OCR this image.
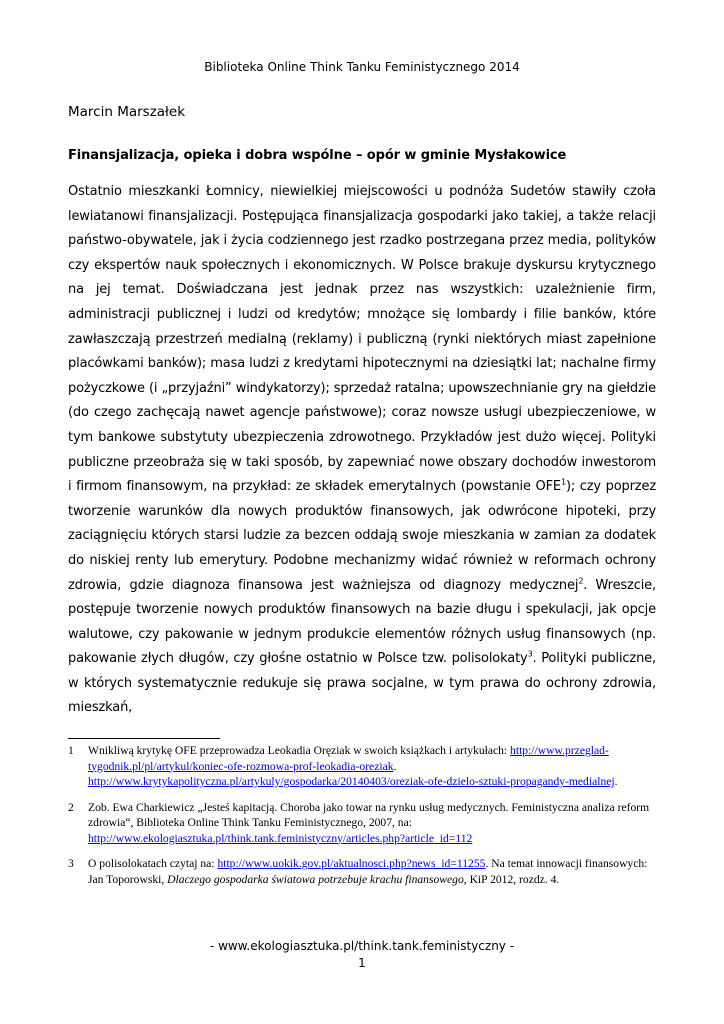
Biblioteka Online Think Tanku Feministycznego 2014
Marcin Marszałek
Finansjalizacja, opieka i dobra wspólne – opór w gminie Mysłakowice

Ostatnio mieszkanki Łomnicy, niewielkiej miejscowości u podnóża Sudetów stawiły czoła lewiatanowi finansjalizacji. Postępująca finansjalizacja gospodarki jako takiej, a także relacji państwo-obywatele, jak i życia codziennego jest rzadko postrzegana przez media, polityków czy ekspertów nauk społecznych i ekonomicznych. W Polsce brakuje dyskursu krytycznego na jej temat. Doświadczana jest jednak przez nas wszystkich: uzależnienie firm, administracji publicznej i ludzi od kredytów; mnożące się lombardy i filie banków, które zawłaszczają przestrzeń medialną (reklamy) i publiczną (rynki niektórych miast zapełnione placówkami banków); masa ludzi z kredytami hipotecznymi na dziesiątki lat; nachalne firmy pożyczkowe (i „przyjaźni” windykatorzy); sprzedaż ratalna; upowszechnianie gry na giełdzie (do czego zachęcają nawet agencje państwowe); coraz nowsze usługi ubezpieczeniowe, w tym bankowe substytuty ubezpieczenia zdrowotnego. Przykładów jest dużo więcej. Polityki publiczne przeobraża się w taki sposób, by zapewniać nowe obszary dochodów inwestorom i firmom finansowym, na przykład: ze składek emerytalnych (powstanie OFE$^1$); czy poprzez tworzenie warunków dla nowych produktów finansowych, jak odwrócone hipoteki, przy zaciągnięciu których starsi ludzie za bezcen oddają swoje mieszkania w zamian za dodatek do niskiej renty lub emerytury. Podobne mechanizmy widać również w reformach ochrony zdrowia, gdzie diagnoza finansowa jest ważniejsza od diagnozy medycznej$^2$. Wreszcie, postępuje tworzenie nowych produktów finansowych na bazie długu i spekulacji, jak opcje walutowe, czy pakowanie w jednym produkcie elementów różnych usług finansowych (np. pakowanie złych długów, czy głośne ostatnio w Polsce tzw. polisolokaty$^3$. Polityki publiczne, w których systematycznie redukuje się prawa socjalne, w tym prawa do ochrony zdrowia, mieszkań,

1	Wnikliwą krytykę OFE przeprowadza Leokadia Oręziak w swoich książkach i artykułach: http://www.przeglad-tygodnik.pl/pl/artykul/koniec-ofe-rozmowa-prof-leokadia-oreziak. http://www.krytykapolityczna.pl/artykuly/gospodarka/20140403/oreziak-ofe-dzielo-sztuki-propagandy-medialnej.
2	Zob. Ewa Charkiewicz „Jesteś kapitacją. Choroba jako towar na rynku usług medycznych. Feministyczna analiza reform zdrowia“, Biblioteka Online Think Tanku Feministycznego, 2007, na: http://www.ekologiasztuka.pl/think.tank.feministyczny/articles.php?article_id=112
3	O polisolokatach czytaj na: http://www.uokik.gov.pl/aktualnosci.php?news_id=11255. Na temat innowacji finansowych: Jan Toporowski, Dlaczego gospodarka światowa potrzebuje krachu finansowego, KiP 2012, rozdz. 4.
- www.ekologiasztuka.pl/think.tank.feministyczny -
1
